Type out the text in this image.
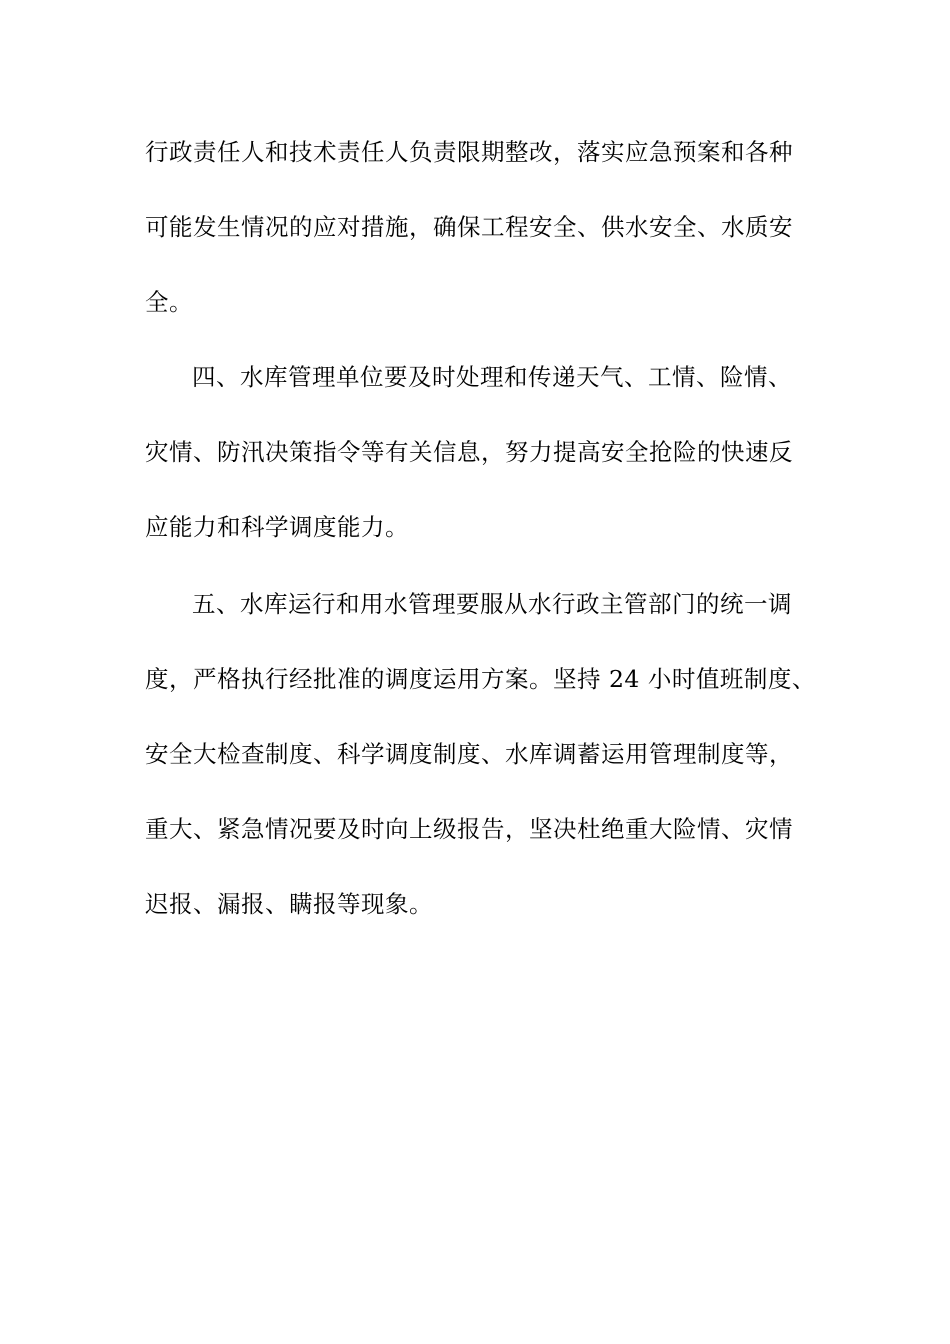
行政责任人和技术责任人负责限期整改，落实应急预案和各种
可能发生情况的应对措施，确保工程安全、供水安全、水质安
全。
四、水库管理单位要及时处理和传递天气、工情、险情、
灾情、防汛决策指令等有关信息，努力提高安全抢险的快速反
应能力和科学调度能力。
五、水库运行和用水管理要服从水行政主管部门的统一调
度，严格执行经批准的调度运用方案。坚持 24 小时值班制度、
安全大检查制度、科学调度制度、水库调蓄运用管理制度等，
重大、紧急情况要及时向上级报告，坚决杜绝重大险情、灾情
迟报、漏报、瞒报等现象。
